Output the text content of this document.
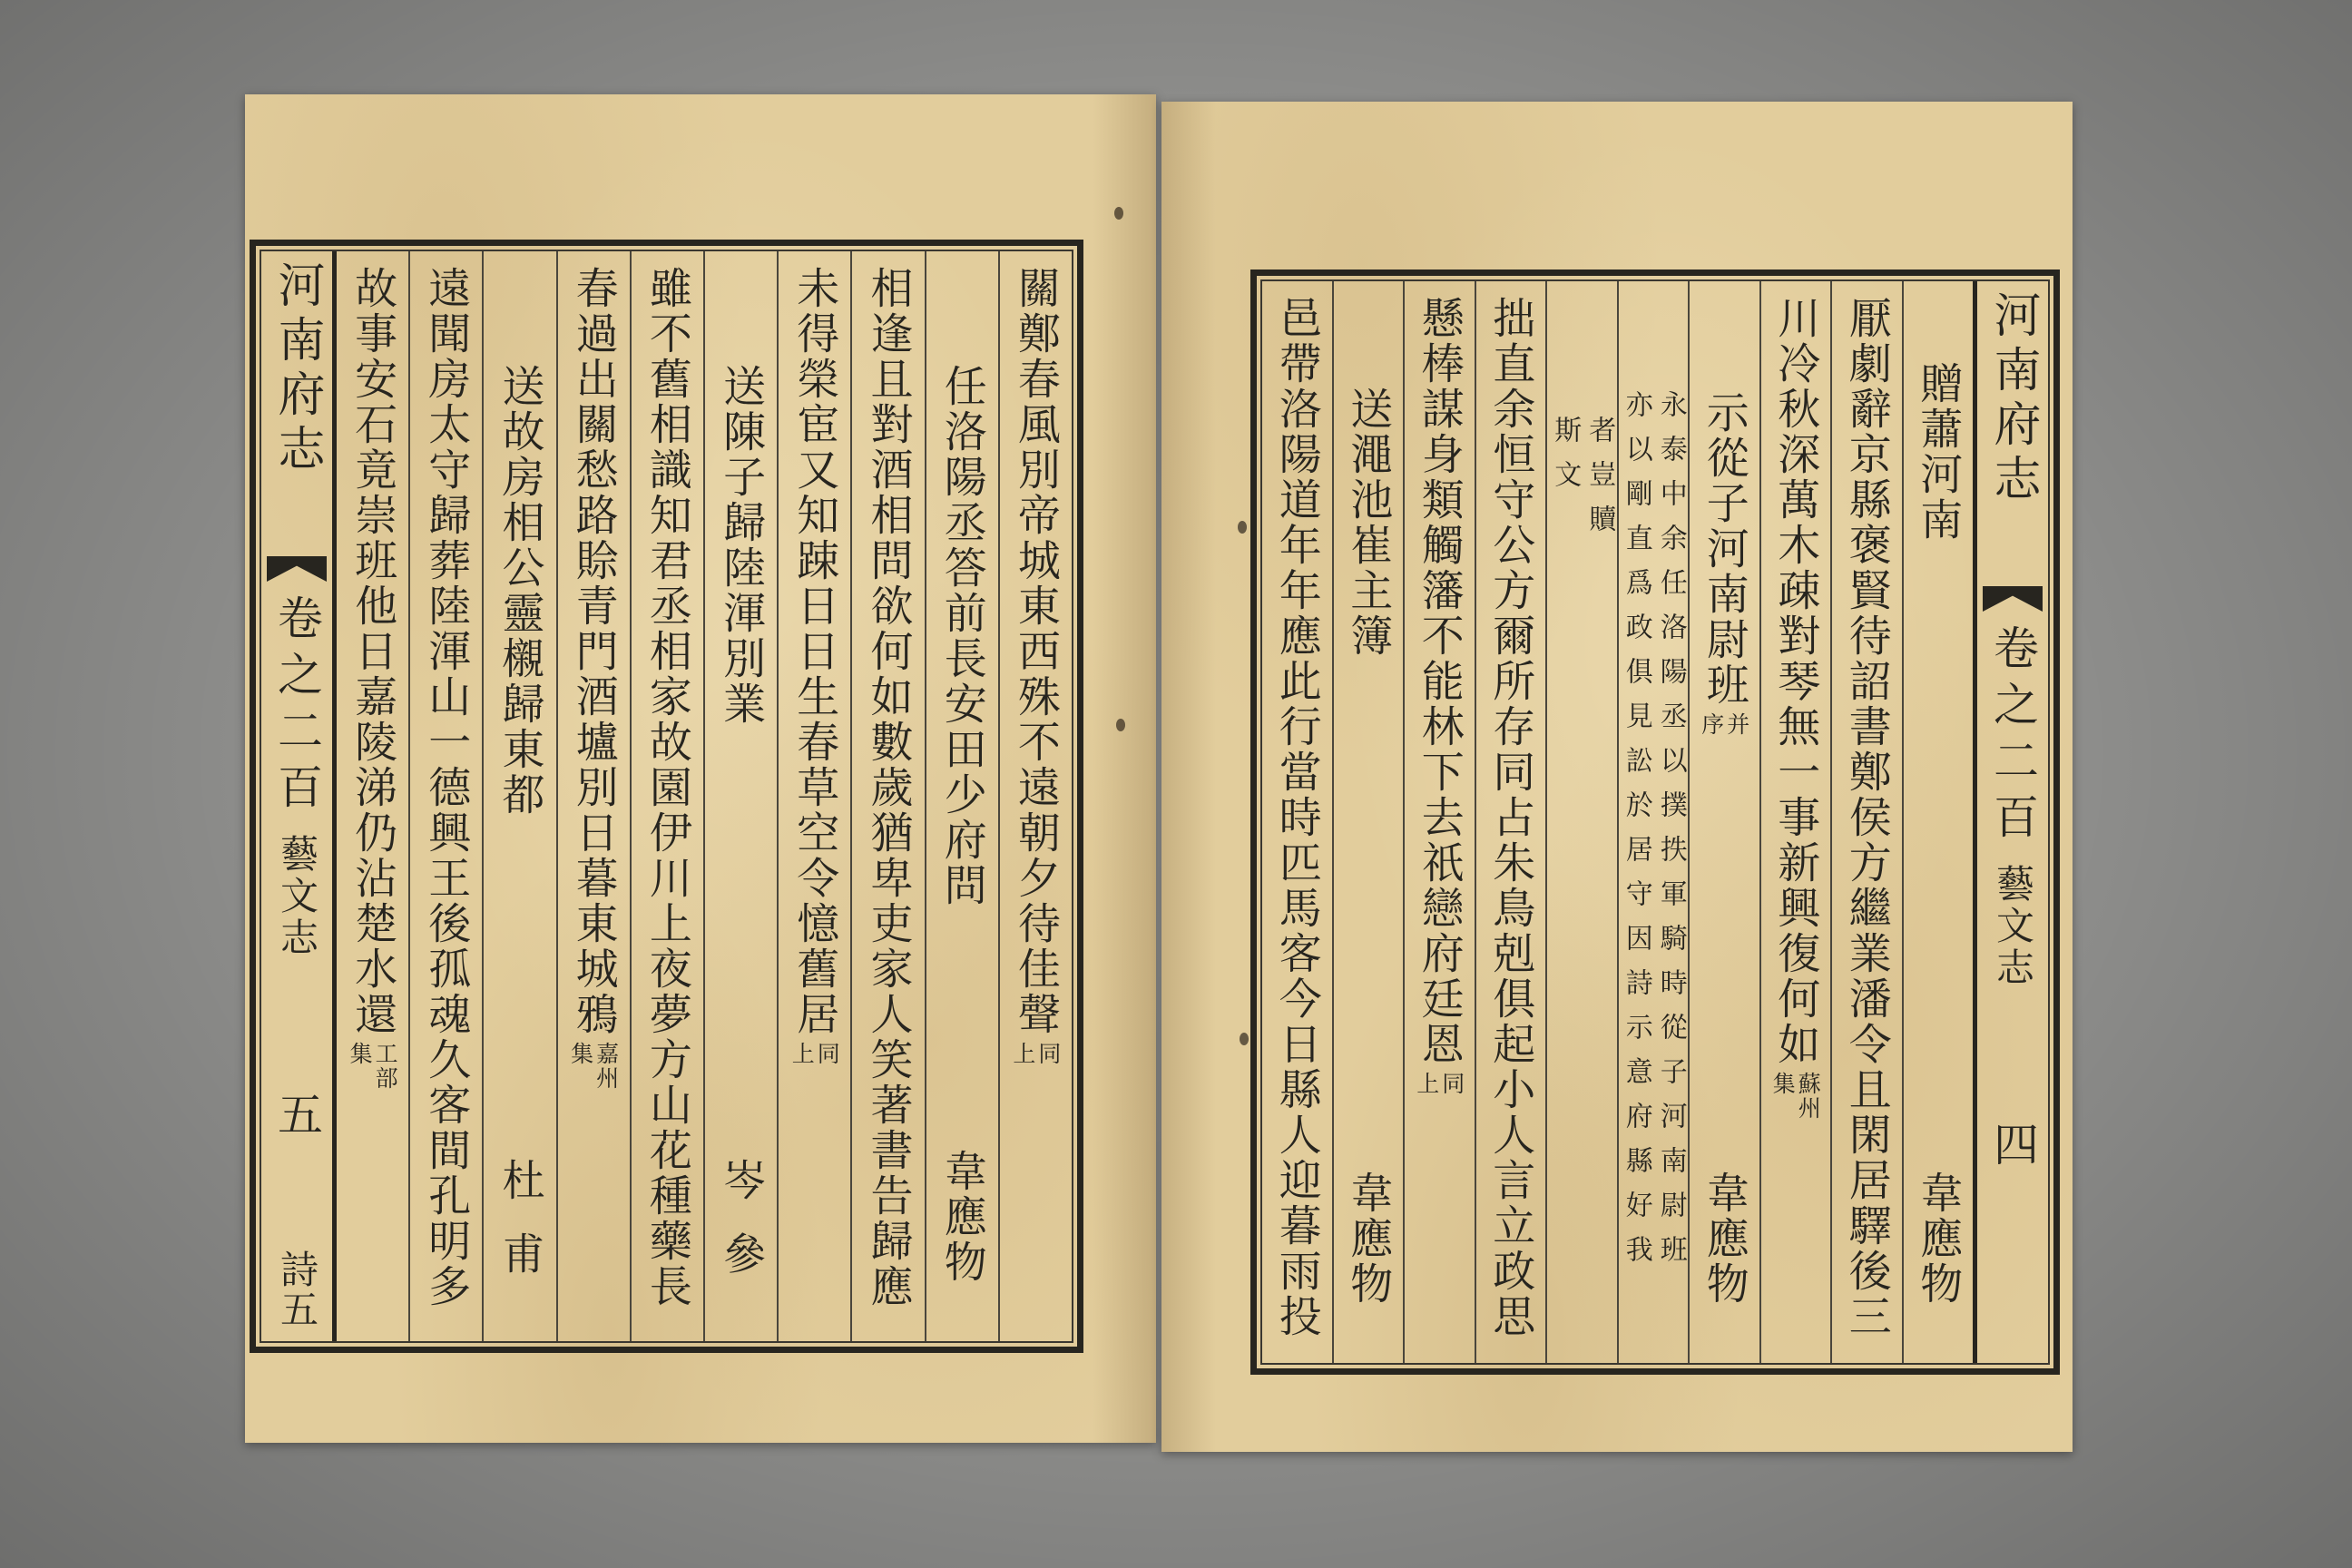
河南府志
卷之二百
藝文志
五
詩五
關鄭春風別帝城東西殊不遠朝夕待佳聲
同
上
任洛陽丞答前長安田少府問
韋應物
相逢且對酒相問欲何如數歲猶卑吏家人笑著書告歸應
未得榮宦又知踈日日生春草空令憶舊居
同
上
送陳子歸陸渾別業
岑參
雖不舊相識知君丞相家故園伊川上夜夢方山花種藥長
春過出關愁路賒青門酒壚別日暮東城鴉
嘉州
集
送故房相公靈櫬歸東都
杜甫
遠聞房太守歸葬陸渾山一德興王後孤魂久客間孔明多
故事安石竟崇班他日嘉陵涕仍沾楚水還
工部
集
贈蕭河南
韋應物
厭劇辭京縣褒賢待詔書鄭侯方繼業潘令且閑居驛後三
川冷秋深萬木疎對琴無一事新興復何如
蘇州
集
示從子河南尉班
并
序
韋應物
永泰中余任洛陽丞以撲抶軍騎時從子河南尉班
亦以剛直爲政俱見訟於居守因詩示意府縣好我
者豈贖
斯文
拙直余恒守公方爾所存同占朱鳥剋俱起小人言立政思
懸棒謀身類觸籓不能林下去祇戀府廷恩
同
上
送澠池崔主簿
韋應物
邑帶洛陽道年年應此行當時匹馬客今日縣人迎暮雨投	河南府志
卷之二百
藝文志
四
